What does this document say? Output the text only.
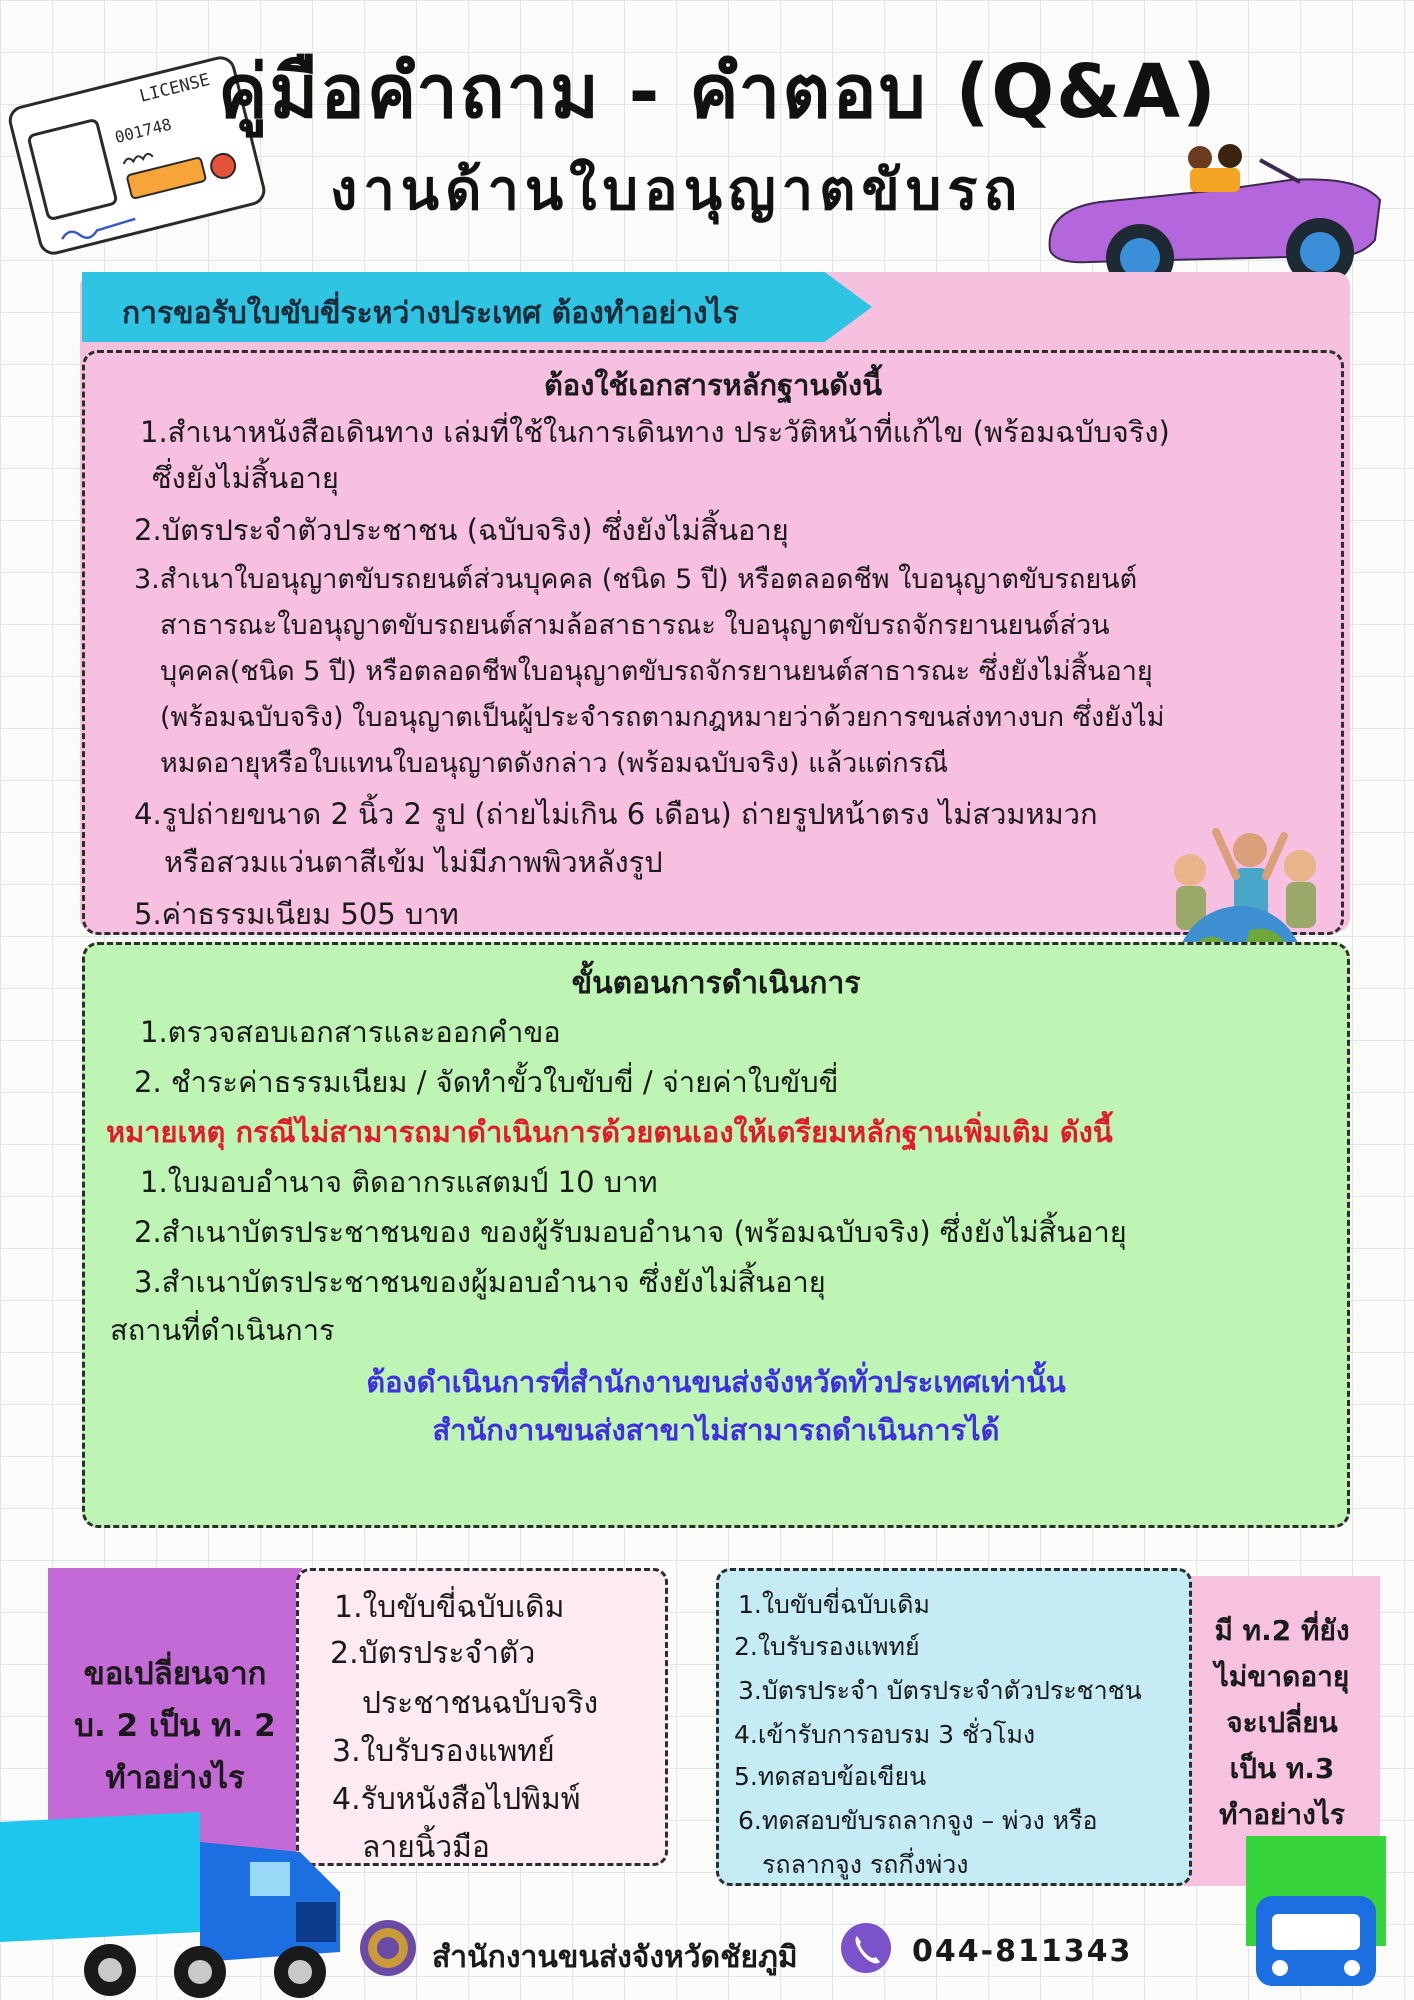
LICENSE
001748 คู่มือคำถาม - คำตอบ (Q&A)
งานด้านใบอนุญาตขับรถ
การขอรับใบขับขี่ระหว่างประเทศ ต้องทำอย่างไร
ต้องใช้เอกสารหลักฐานดังนี้
1.สำเนาหนังสือเดินทาง เล่มที่ใช้ในการเดินทาง ประวัติหน้าที่แก้ไข (พร้อมฉบับจริง)
ซึ่งยังไม่สิ้นอายุ
2.บัตรประจำตัวประชาชน (ฉบับจริง) ซึ่งยังไม่สิ้นอายุ
3.สำเนาใบอนุญาตขับรถยนต์ส่วนบุคคล (ชนิด 5 ปี) หรือตลอดชีพ ใบอนุญาตขับรถยนต์
สาธารณะใบอนุญาตขับรถยนต์สามล้อสาธารณะ ใบอนุญาตขับรถจักรยานยนต์ส่วน
บุคคล(ชนิด 5 ปี) หรือตลอดชีพใบอนุญาตขับรถจักรยานยนต์สาธารณะ ซึ่งยังไม่สิ้นอายุ
(พร้อมฉบับจริง) ใบอนุญาตเป็นผู้ประจำรถตามกฎหมายว่าด้วยการขนส่งทางบก ซึ่งยังไม่
หมดอายุหรือใบแทนใบอนุญาตดังกล่าว (พร้อมฉบับจริง) แล้วแต่กรณี
4.รูปถ่ายขนาด 2 นิ้ว 2 รูป (ถ่ายไม่เกิน 6 เดือน) ถ่ายรูปหน้าตรง ไม่สวมหมวก
หรือสวมแว่นตาสีเข้ม ไม่มีภาพพิวหลังรูป
5.ค่าธรรมเนียม 505 บาท
ขั้นตอนการดำเนินการ
1.ตรวจสอบเอกสารและออกคำขอ
2. ชำระค่าธรรมเนียม / จัดทำขั้วใบขับขี่ / จ่ายค่าใบขับขี่
หมายเหตุ กรณีไม่สามารถมาดำเนินการด้วยตนเองให้เตรียมหลักฐานเพิ่มเติม ดังนี้
1.ใบมอบอำนาจ ติดอากรแสตมป์ 10 บาท
2.สำเนาบัตรประชาชนของ ของผู้รับมอบอำนาจ (พร้อมฉบับจริง) ซึ่งยังไม่สิ้นอายุ
3.สำเนาบัตรประชาชนของผู้มอบอำนาจ ซึ่งยังไม่สิ้นอายุ
สถานที่ดำเนินการ
ต้องดำเนินการที่สำนักงานขนส่งจังหวัดทั่วประเทศเท่านั้น
สำนักงานขนส่งสาขาไม่สามารถดำเนินการได้
ขอเปลี่ยนจาก
บ. 2 เป็น ท. 2
ทำอย่างไร
1.ใบขับขี่ฉบับเดิม
2.บัตรประจำตัว
ประชาชนฉบับจริง
3.ใบรับรองแพทย์
4.รับหนังสือไปพิมพ์
ลายนิ้วมือ
1.ใบขับขี่ฉบับเดิม
2.ใบรับรองแพทย์
3.บัตรประจำ บัตรประจำตัวประชาชน
4.เข้ารับการอบรม 3 ชั่วโมง
5.ทดสอบข้อเขียน
6.ทดสอบขับรถลากจูง – พ่วง หรือ
รถลากจูง รถกึ่งพ่วง
มี ท.2 ที่ยัง
ไม่ขาดอายุ
จะเปลี่ยน
เป็น ท.3
ทำอย่างไร
สำนักงานขนส่งจังหวัดชัยภูมิ	044-811343
